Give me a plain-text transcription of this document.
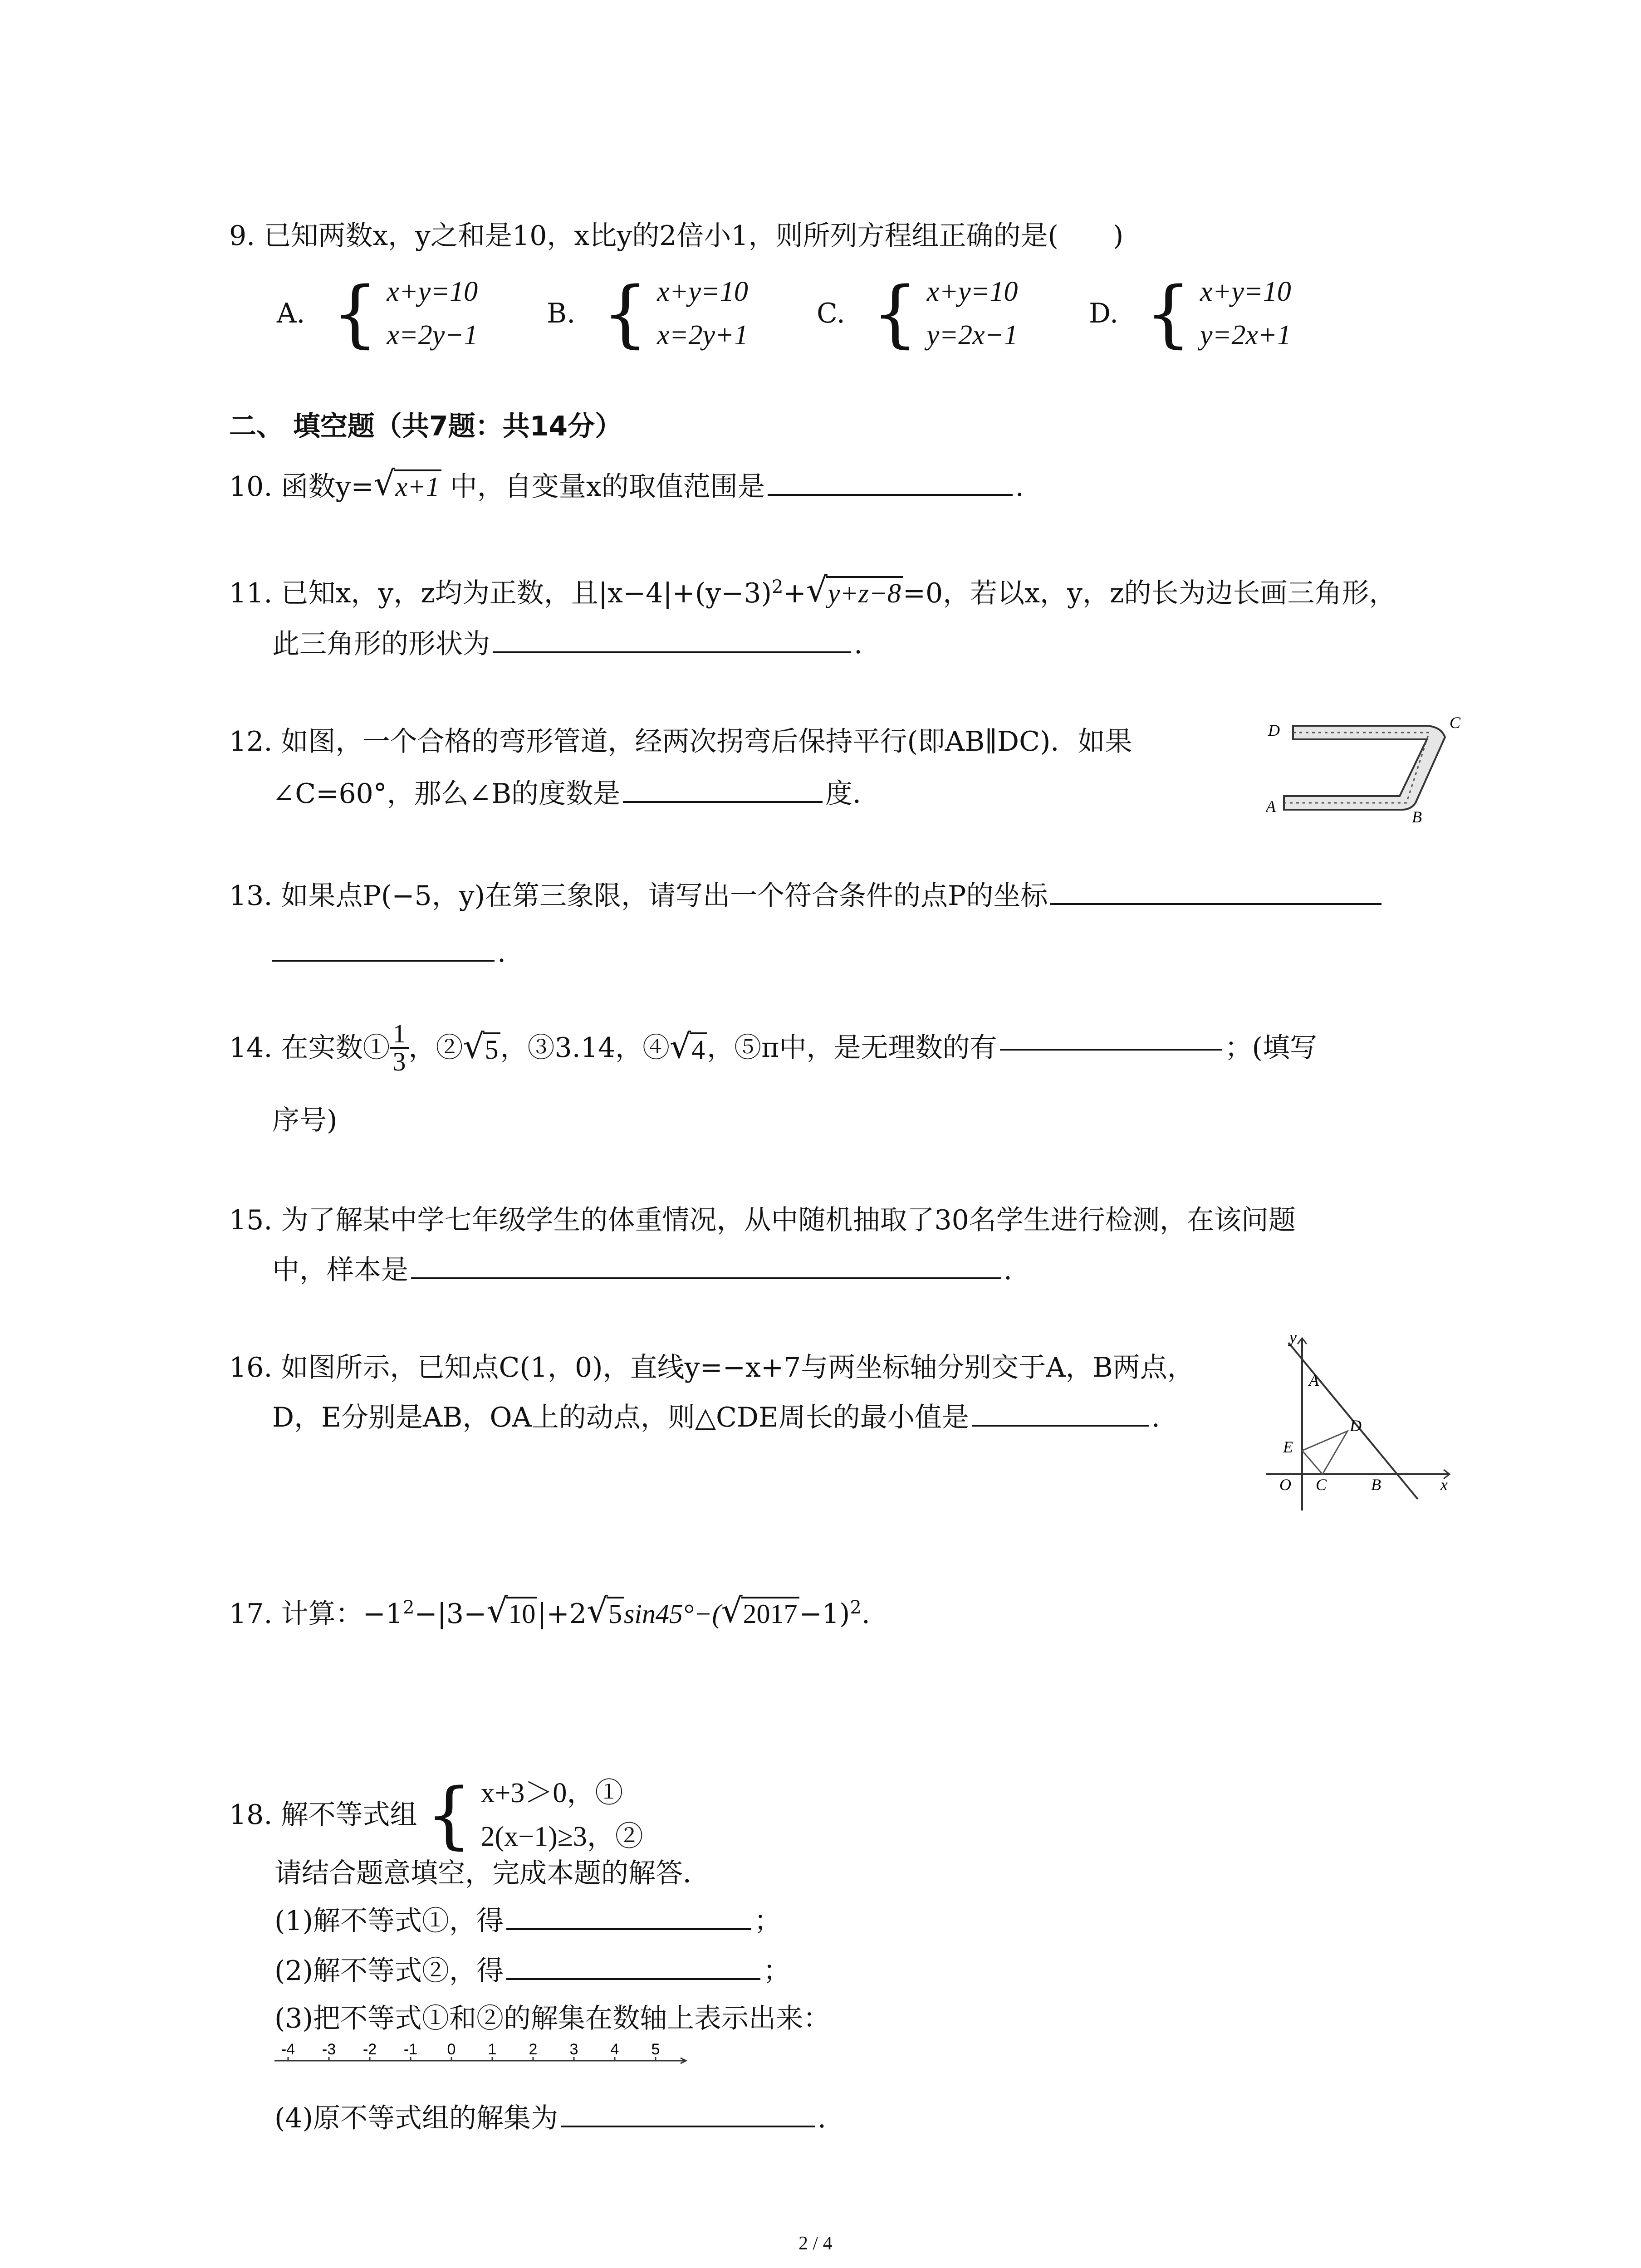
9. 已知两数x，y之和是10，x比y的2倍小1，则所列方程组正确的是(　　)
A. { x+y=10
x=2y−1
B. { x+y=10
x=2y+1
C. { x+y=10
y=2x−1
D. { x+y=10
y=2x+1
二、 填空题（共7题：共14分）
10. 函数y= √ x+1 中，自变量x的取值范围是	.
11. 已知x，y，z均为正数，且$|x-4|+(y-3)^2+$ √ y+z−8=0，若以x，y，z的长为边长画三角形，
此三角形的形状为	.
12. 如图，一个合格的弯形管道，经两次拐弯后保持平行(即AB∥DC)．如果
∠C=60°，那么∠B的度数是	度．
D	C
A
B
13. 如果点P(−5，y)在第三象限，请写出一个符合条件的点P的坐标
.
14. 在实数① $\frac{1}{3}$ ，② √ 5，③3.14，④ √ 4，⑤π中，是无理数的有	；(填写
序号)
15. 为了解某中学七年级学生的体重情况，从中随机抽取了30名学生进行检测，在该问题
中，样本是	.
16. 如图所示，已知点C(1，0)，直线y=−x+7与两坐标轴分别交于A，B两点，
D，E分别是AB，OA上的动点，则△CDE周长的最小值是	.
y
x
A
D
E
O C	B
17. 计算：$-1^2-|3-$ √ 10|+2 √ 5sin45°−( √ 2017−1)$^2$.
18. 解不等式组 { x+3＞0，①
2(x−1)≥3，②
请结合题意填空，完成本题的解答．
(1)解不等式①，得	；
(2)解不等式②，得	；
(3)把不等式①和②的解集在数轴上表示出来：
-4 -3 -2 -1 0 1 2 3 4 5
(4)原不等式组的解集为	.
2 / 4
